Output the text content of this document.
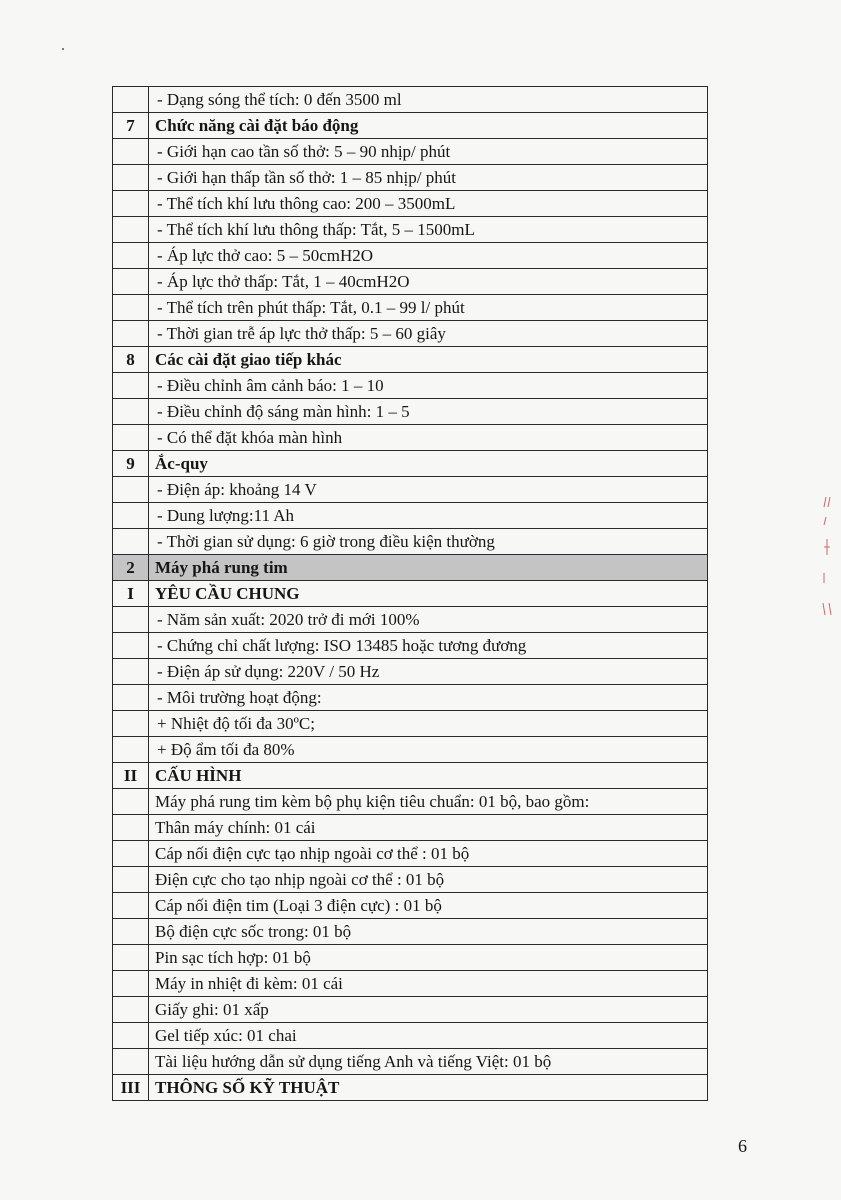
	- Dạng sóng thể tích: 0 đến 3500 ml
7	Chức năng cài đặt báo động
	- Giới hạn cao tần số thở: 5 – 90 nhịp/ phút
	- Giới hạn thấp tần số thở: 1 – 85 nhịp/ phút
	- Thể tích khí lưu thông cao: 200 – 3500mL
	- Thể tích khí lưu thông thấp: Tắt, 5 – 1500mL
	- Áp lực thở cao: 5 – 50cmH2O
	- Áp lực thở thấp: Tắt, 1 – 40cmH2O
	- Thể tích trên phút thấp: Tắt, 0.1 – 99 l/ phút
	- Thời gian trễ áp lực thở thấp: 5 – 60 giây
8	Các cài đặt giao tiếp khác
	- Điều chỉnh âm cảnh báo: 1 – 10
	- Điều chỉnh độ sáng màn hình: 1 – 5
	- Có thể đặt khóa màn hình
9	Ắc-quy
	- Điện áp: khoảng 14 V
	- Dung lượng:11 Ah
	- Thời gian sử dụng: 6 giờ trong điều kiện thường
2	Máy phá rung tim
I	YÊU CẦU CHUNG
	- Năm sản xuất: 2020 trở đi mới 100%
	- Chứng chỉ chất lượng: ISO 13485 hoặc tương đương
	- Điện áp sử dụng: 220V / 50 Hz
	- Môi trường hoạt động:
	+ Nhiệt độ tối đa 30ºC;
	+ Độ ẩm tối đa 80%
II	CẤU HÌNH
	Máy phá rung tim kèm bộ phụ kiện tiêu chuẩn: 01 bộ, bao gồm:
	Thân máy chính: 01 cái
	Cáp nối điện cực tạo nhịp ngoài cơ thể : 01 bộ
	Điện cực cho tạo nhịp ngoài cơ thể : 01 bộ
	Cáp nối điện tim (Loại 3 điện cực) : 01 bộ
	Bộ điện cực sốc trong: 01 bộ
	Pin sạc tích hợp: 01 bộ
	Máy in nhiệt đi kèm: 01 cái
	Giấy ghi: 01 xấp
	Gel tiếp xúc: 01 chai
	Tài liệu hướng dẫn sử dụng tiếng Anh và tiếng Việt: 01 bộ
III	THÔNG SỐ KỸ THUẬT
6
